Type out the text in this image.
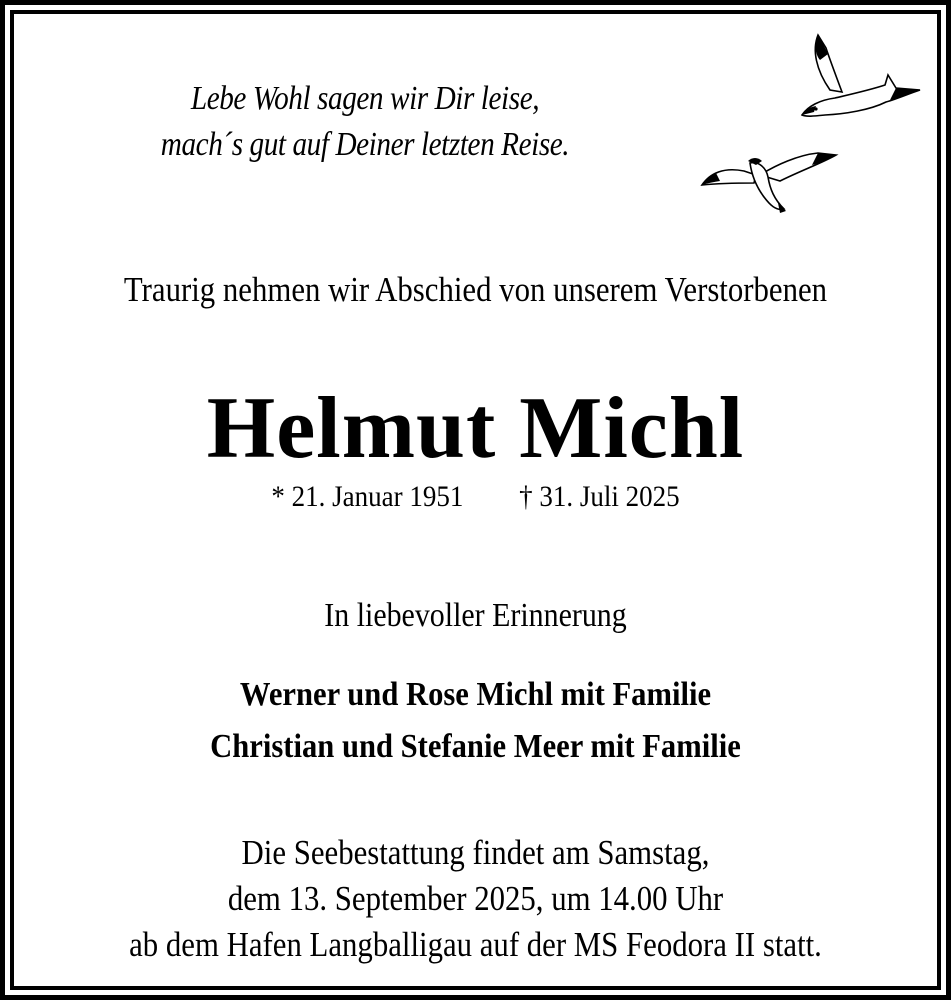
Lebe Wohl sagen wir Dir leise,
mach´s gut auf Deiner letzten Reise.
Traurig nehmen wir Abschied von unserem Verstorbenen
Helmut Michl
* 21. Januar 1951 † 31. Juli 2025
In liebevoller Erinnerung
Werner und Rose Michl mit Familie
Christian und Stefanie Meer mit Familie
Die Seebestattung findet am Samstag,
dem 13. September 2025, um 14.00 Uhr
ab dem Hafen Langballigau auf der MS Feodora II statt.
